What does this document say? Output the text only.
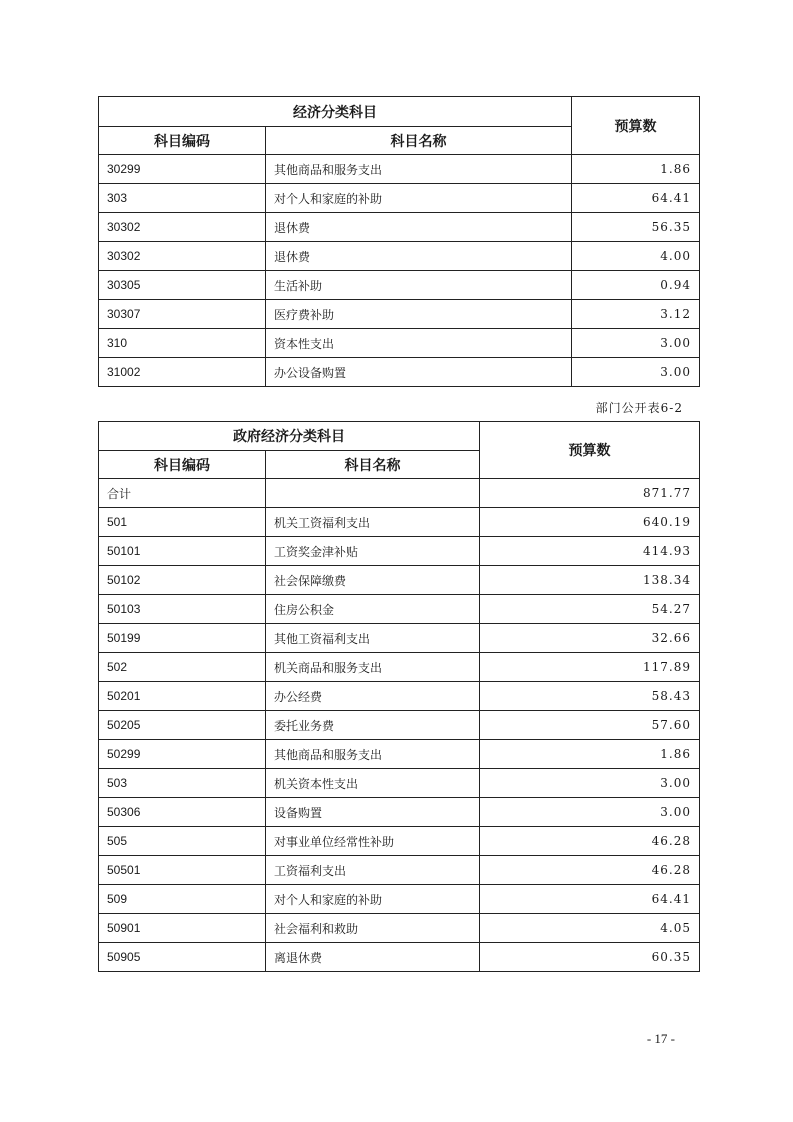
经济分类科目		预算数
科目编码	科目名称	
30299	其他商品和服务支出	1.86
303	对个人和家庭的补助	64.41
30302	退休费	56.35
30302	退休费	4.00
30305	生活补助	0.94
30307	医疗费补助	3.12
310	资本性支出	3.00
31002	办公设备购置	3.00
部门公开表6-2
政府经济分类科目		预算数
科目编码	科目名称	
合计		871.77
501	机关工资福利支出	640.19
50101	工资奖金津补贴	414.93
50102	社会保障缴费	138.34
50103	住房公积金	54.27
50199	其他工资福利支出	32.66
502	机关商品和服务支出	117.89
50201	办公经费	58.43
50205	委托业务费	57.60
50299	其他商品和服务支出	1.86
503	机关资本性支出	3.00
50306	设备购置	3.00
505	对事业单位经常性补助	46.28
50501	工资福利支出	46.28
509	对个人和家庭的补助	64.41
50901	社会福利和救助	4.05
50905	离退休费	60.35
- 17 -
